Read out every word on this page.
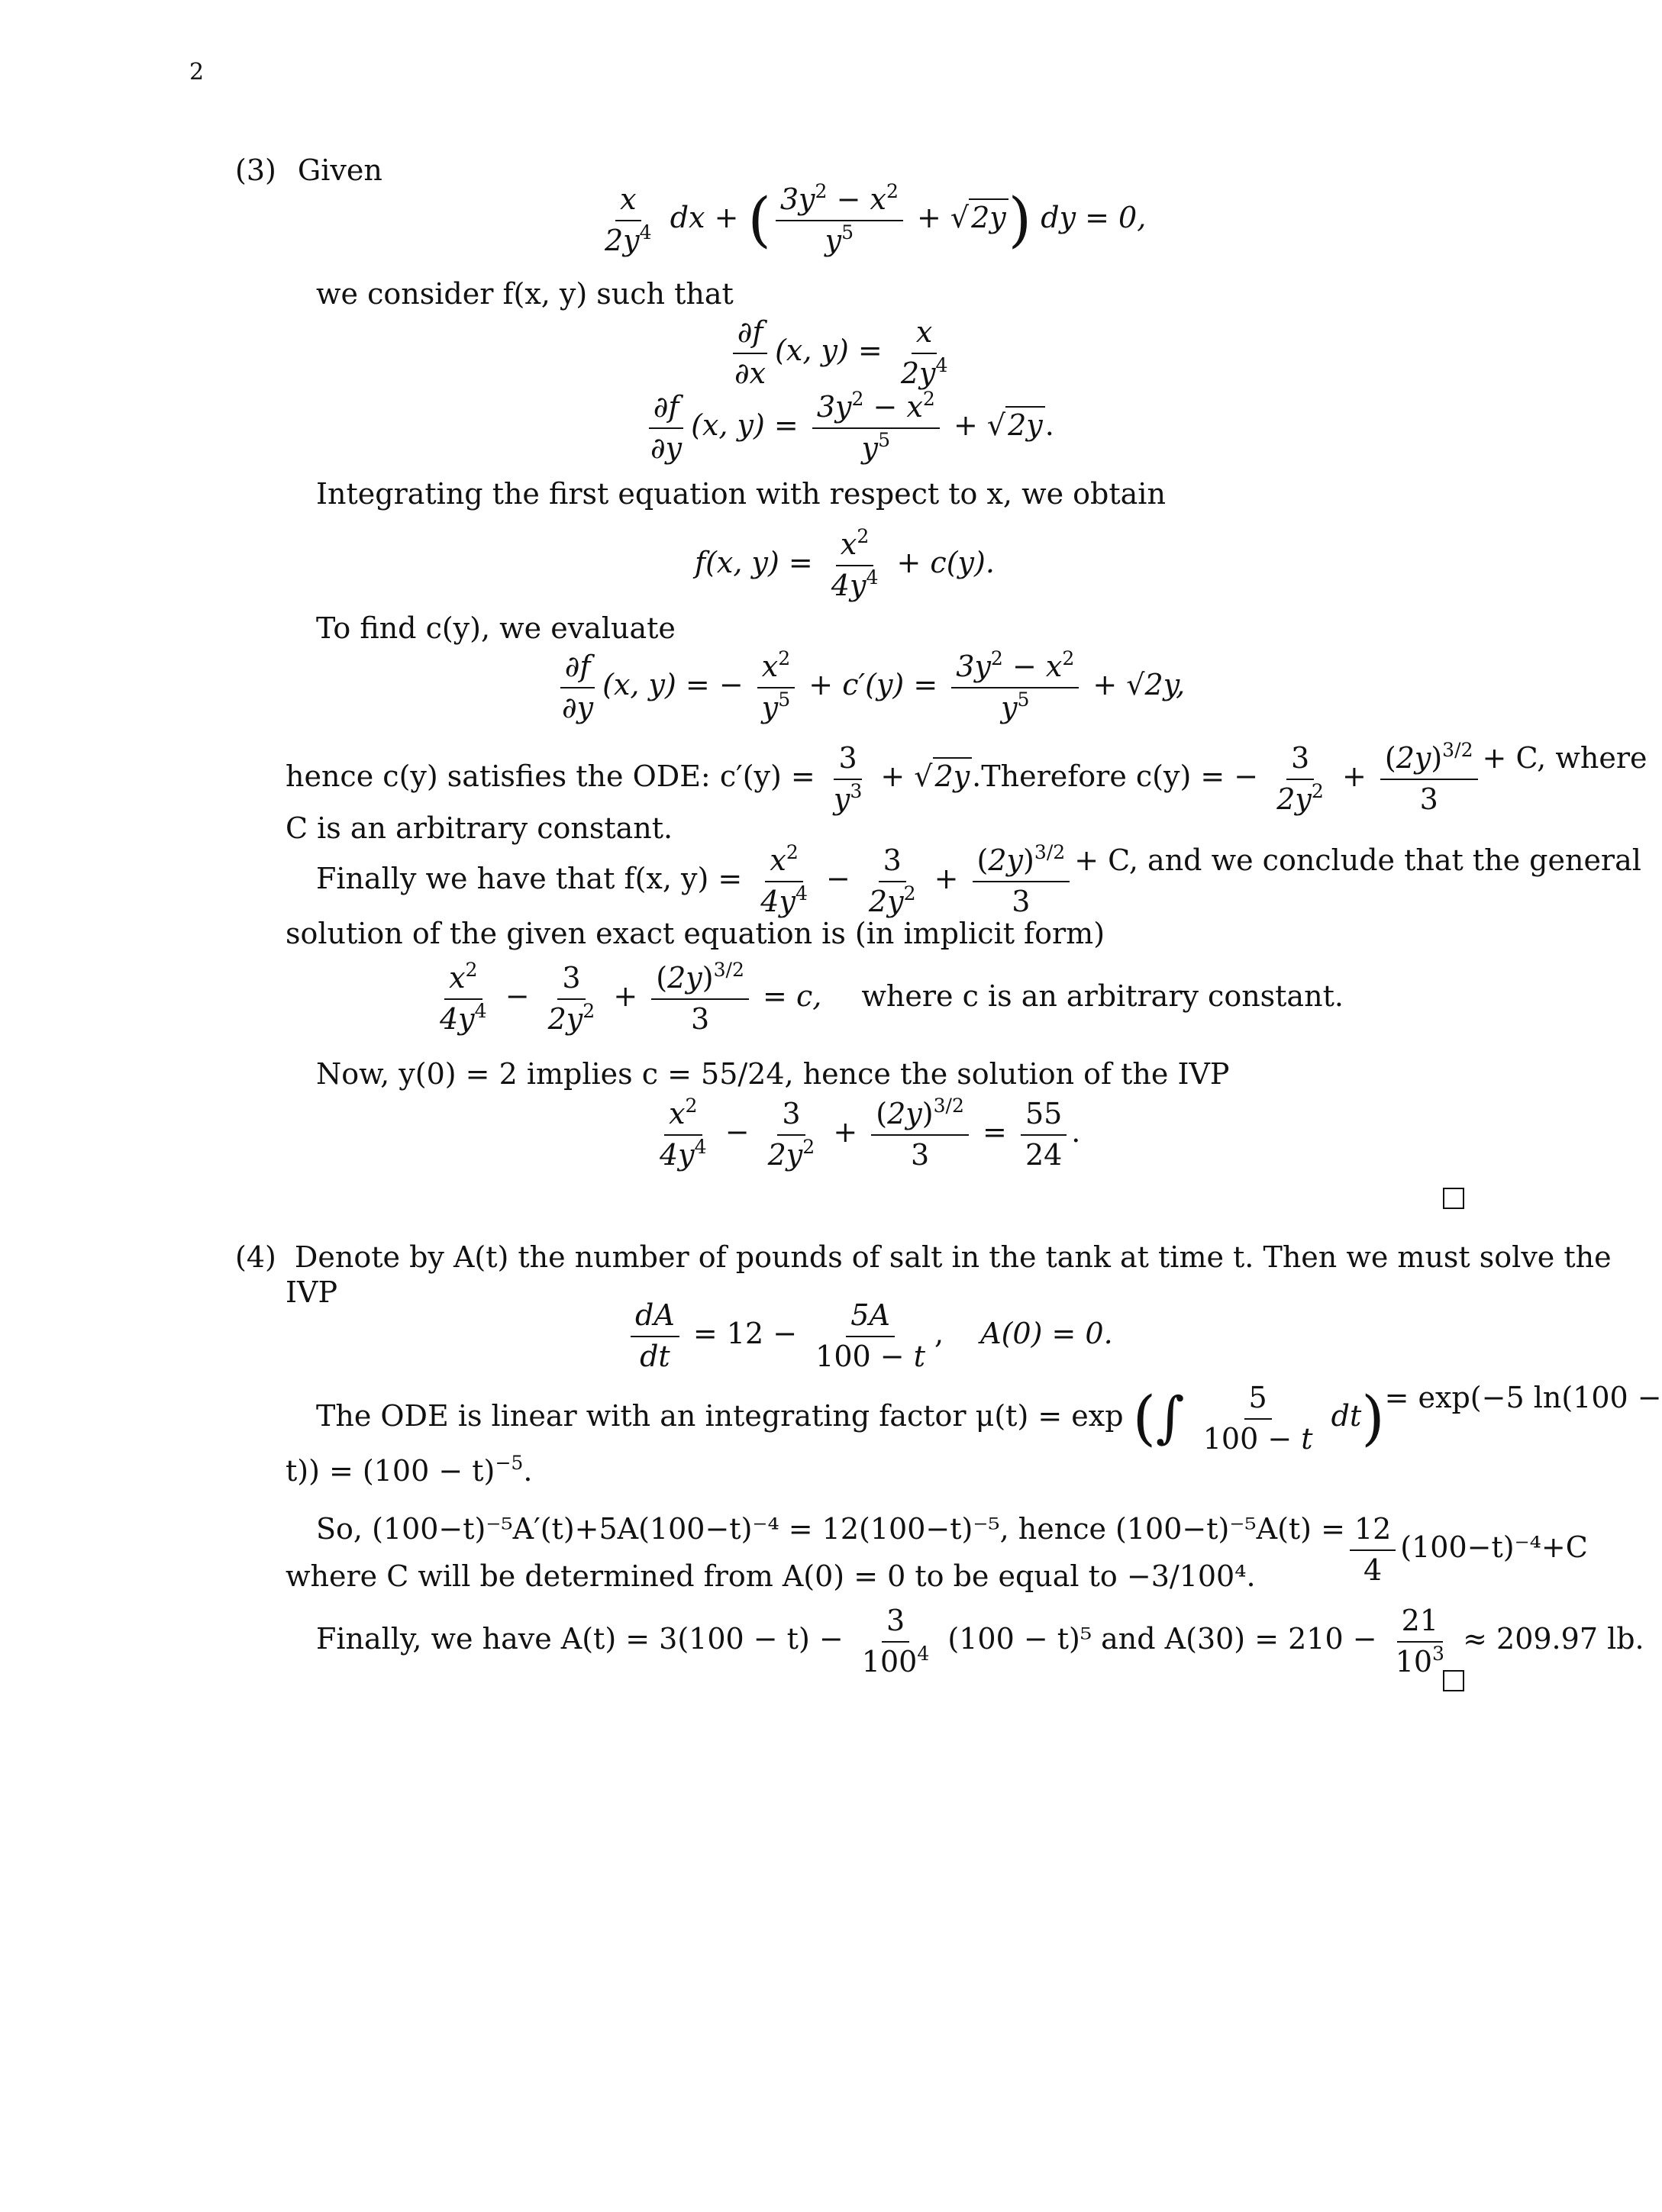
2
(3) Given
$\frac{x}{2y^4}$ dx + ( $\frac{3y^2 - x^2}{y^5} + √2y$) dy = 0,
we consider f(x, y) such that
$\frac{\partial f}{\partial x} (x$, $y) = \frac{x}{2y^4}$
$\frac{\partial f}{\partial y} (x$, $y) = \frac{3y^2 - x^2}{y^5} + √2y$.
Integrating the first equation with respect to x, we obtain
f(x, $y) = \frac{x^2}{4y^4} + c(y)$.
To find c(y), we evaluate
$\frac{\partial f}{\partial y} (x$, y) = − $\frac{x^2}{y^5} + c'(y) = \frac{3y^2 - x^2}{y^5} + √2y$,
hence c(y) satisfies the ODE: $c'(y) = \frac{3}{y^3} + √2y$. Therefore c(y) = − $\frac{3}{2y^2} + \frac{(2y)^{3/2}}{3} + C$, where
C is an arbitrary constant.
Finally we have that f(x, $y) = \frac{x^2}{4y^4} - \frac{3}{2y^2} + \frac{(2y)^{3/2}}{3} + C$, and we conclude that the general
solution of the given exact equation is (in implicit form)
$\frac{x^2}{4y^4} - \frac{3}{2y^2} + \frac{(2y)^{3/2}}{3} = c$, where c is an arbitrary constant.
Now, y(0) = 2 implies c = 55/24, hence the solution of the IVP
$\frac{x^2}{4y^4} - \frac{3}{2y^2} + \frac{(2y)^{3/2}}{3} = \frac{55}{24}$ .
(4) Denote by A(t) the number of pounds of salt in the tank at time t. Then we must solve the
IVP
$\frac{dA}{dt} = 12 - \frac{5A}{100 - t}$ , A(0) = 0.
The ODE is linear with an integrating factor μ(t) = exp (∫ $\frac{5}{100 - t} dt) = \exp(-5$ ln(100 −
$t)) = (100 - t)^{-5}$.
So, (100−t)⁻⁵A′(t)+5A(100−t)⁻⁴ = 12(100−t)⁻⁵, hence $(100-t)^{-5}A(t) = \frac{12}{4} (100-t)^{-4}+C$
where C will be determined from A(0) = 0 to be equal to −3/100⁴.
Finally, we have $A(t) = 3(100 - t) - \frac{3}{100^4} (100 - t)^5$ and $A(30) = 210 - \frac{21}{10^3} \approx 209.97$ lb.
